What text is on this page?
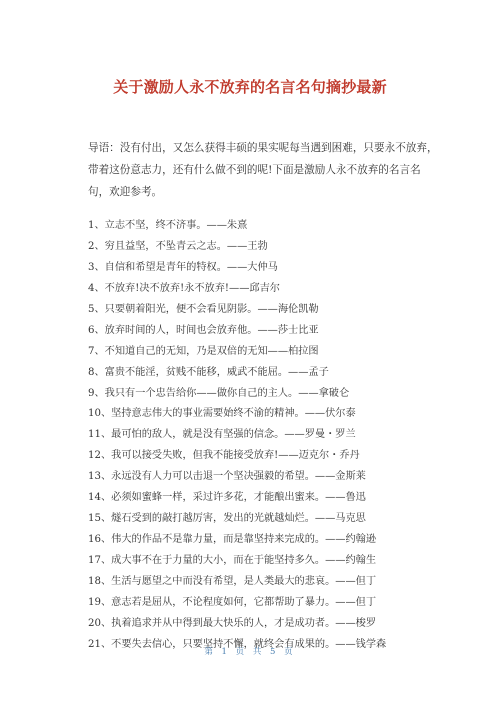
关于激励人永不放弃的名言名句摘抄最新

导语：没有付出，又怎么获得丰硕的果实呢每当遇到困难，只要永不放弃，带着这份意志力，还有什么做不到的呢!下面是激励人永不放弃的名言名句，欢迎参考。

1、立志不坚，终不济事。——朱熹
2、穷且益坚，不坠青云之志。——王勃
3、自信和希望是青年的特权。——大仲马
4、不放弃!决不放弃!永不放弃!——邱吉尔
5、只要朝着阳光，便不会看见阴影。——海伦凯勒
6、放弃时间的人，时间也会放弃他。——莎士比亚
7、不知道自己的无知，乃是双倍的无知——柏拉图
8、富贵不能淫，贫贱不能移，威武不能屈。——孟子
9、我只有一个忠告给你——做你自己的主人。——拿破仑
10、坚持意志伟大的事业需要始终不渝的精神。——伏尔泰
11、最可怕的敌人，就是没有坚强的信念。——罗曼・罗兰
12、我可以接受失败，但我不能接受放弃!——迈克尔・乔丹
13、永远没有人力可以击退一个坚决强毅的希望。——金斯莱
14、必须如蜜蜂一样，采过许多花，才能酿出蜜来。——鲁迅
15、燧石受到的敲打越厉害，发出的光就越灿烂。——马克思
16、伟大的作品不是靠力量，而是靠坚持来完成的。——约翰逊
17、成大事不在于力量的大小，而在于能坚持多久。——约翰生
18、生活与愿望之中而没有希望，是人类最大的悲哀。——但丁
19、意志若是屈从，不论程度如何，它都帮助了暴力。——但丁
20、执着追求并从中得到最大快乐的人，才是成功者。——梭罗
21、不要失去信心，只要坚持不懈，就终会有成果的。——钱学森
第 1 页 共 5 页
